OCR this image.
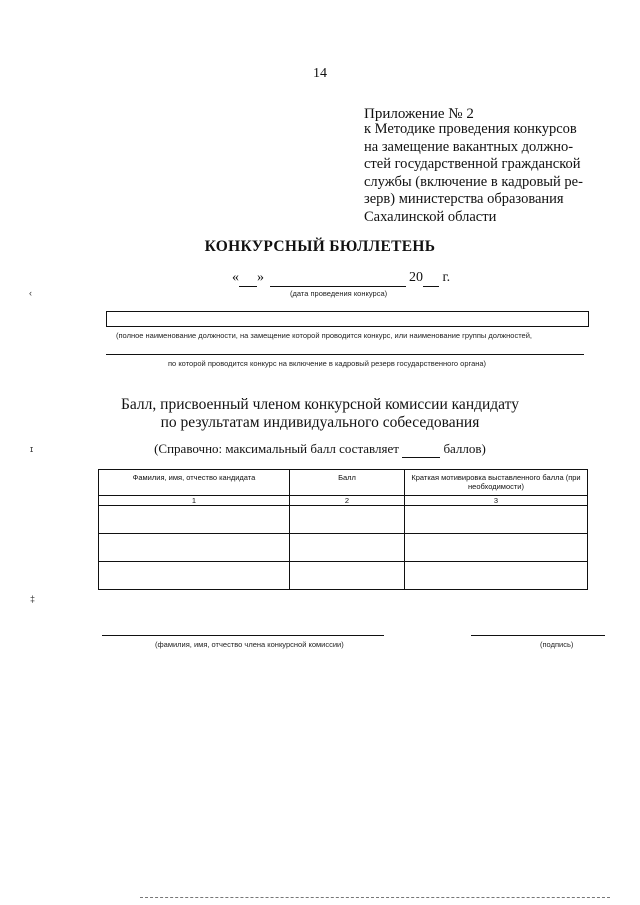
14
Приложение № 2
к Методике проведения конкурсов
на замещение вакантных должно-
стей государственной гражданской
службы (включение в кадровый ре-
зерв) министерства образования
Сахалинской области
КОНКУРСНЫЙ БЮЛЛЕТЕНЬ
« »	20 г.
(дата проведения конкурса)
(полное наименование должности, на замещение которой проводится конкурс, или наименование группы должностей,
по которой проводится конкурс на включение в кадровый резерв государственного органа)
Балл, присвоенный членом конкурсной комиссии кандидату
по результатам индивидуального собеседования
(Справочно: максимальный балл составляет	баллов)
Фамилия, имя, отчество кандидата	Балл	Краткая мотивировка выставленного балла (при необходимости)
1	2	3

(фамилия, имя, отчество члена конкурсной комиссии)	(подпись)
‹
ɪ
‡
